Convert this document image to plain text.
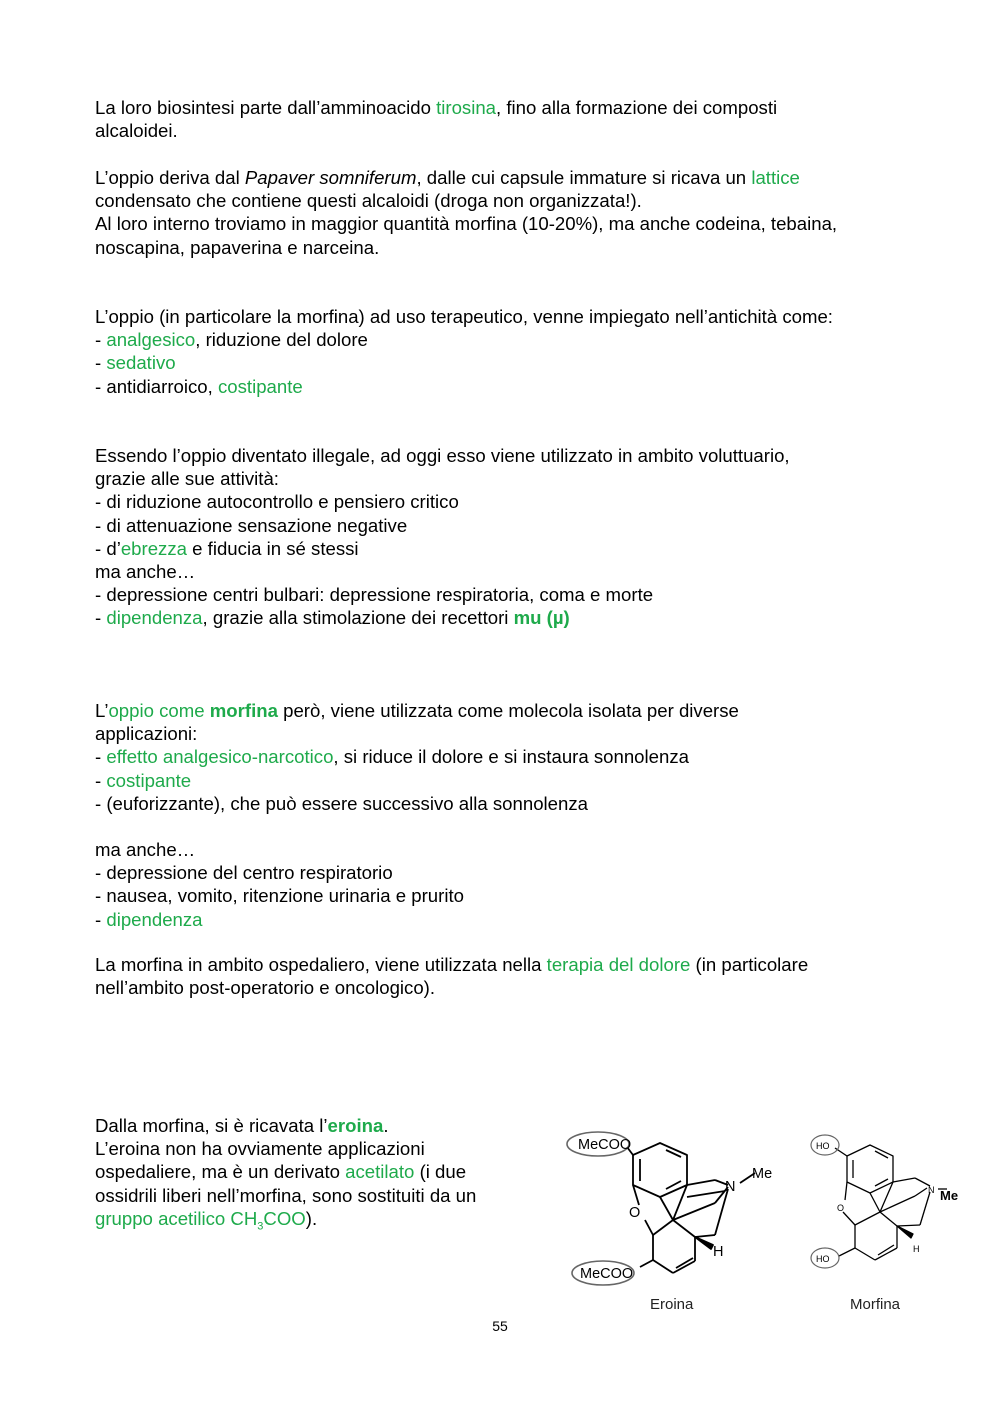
La loro biosintesi parte dall’amminoacido tirosina, fino alla formazione dei composti
alcaloidei.
L’oppio deriva dal Papaver somniferum, dalle cui capsule immature si ricava un lattice
condensato che contiene questi alcaloidi (droga non organizzata!).
Al loro interno troviamo in maggior quantità morfina (10-20%), ma anche codeina, tebaina,
noscapina, papaverina e narceina.
L’oppio (in particolare la morfina) ad uso terapeutico, venne impiegato nell’antichità come:
- analgesico, riduzione del dolore
- sedativo
- antidiarroico, costipante
Essendo l’oppio diventato illegale, ad oggi esso viene utilizzato in ambito voluttuario,
grazie alle sue attività:
- di riduzione autocontrollo e pensiero critico
- di attenuazione sensazione negative
- d’ebrezza e fiducia in sé stessi
ma anche…
- depressione centri bulbari: depressione respiratoria, coma e morte
- dipendenza, grazie alla stimolazione dei recettori mu (µ)
L’oppio come morfina però, viene utilizzata come molecola isolata per diverse
applicazioni:
- effetto analgesico-narcotico, si riduce il dolore e si instaura sonnolenza
- costipante
- (euforizzante), che può essere successivo alla sonnolenza
ma anche…
- depressione del centro respiratorio
- nausea, vomito, ritenzione urinaria e prurito
- dipendenza
La morfina in ambito ospedaliero, viene utilizzata nella terapia del dolore (in particolare
nell’ambito post-operatorio e oncologico).
Dalla morfina, si è ricavata l’eroina.
L’eroina non ha ovviamente applicazioni
ospedaliere, ma è un derivato acetilato (i due
ossidrili liberi nell’morfina, sono sostituiti da un
gruppo acetilico $CH_3COO$).
MeCOO
MeCOO
O
N
Me
H
Eroina
HO
HO
O
N Me
H
Morfina
55
